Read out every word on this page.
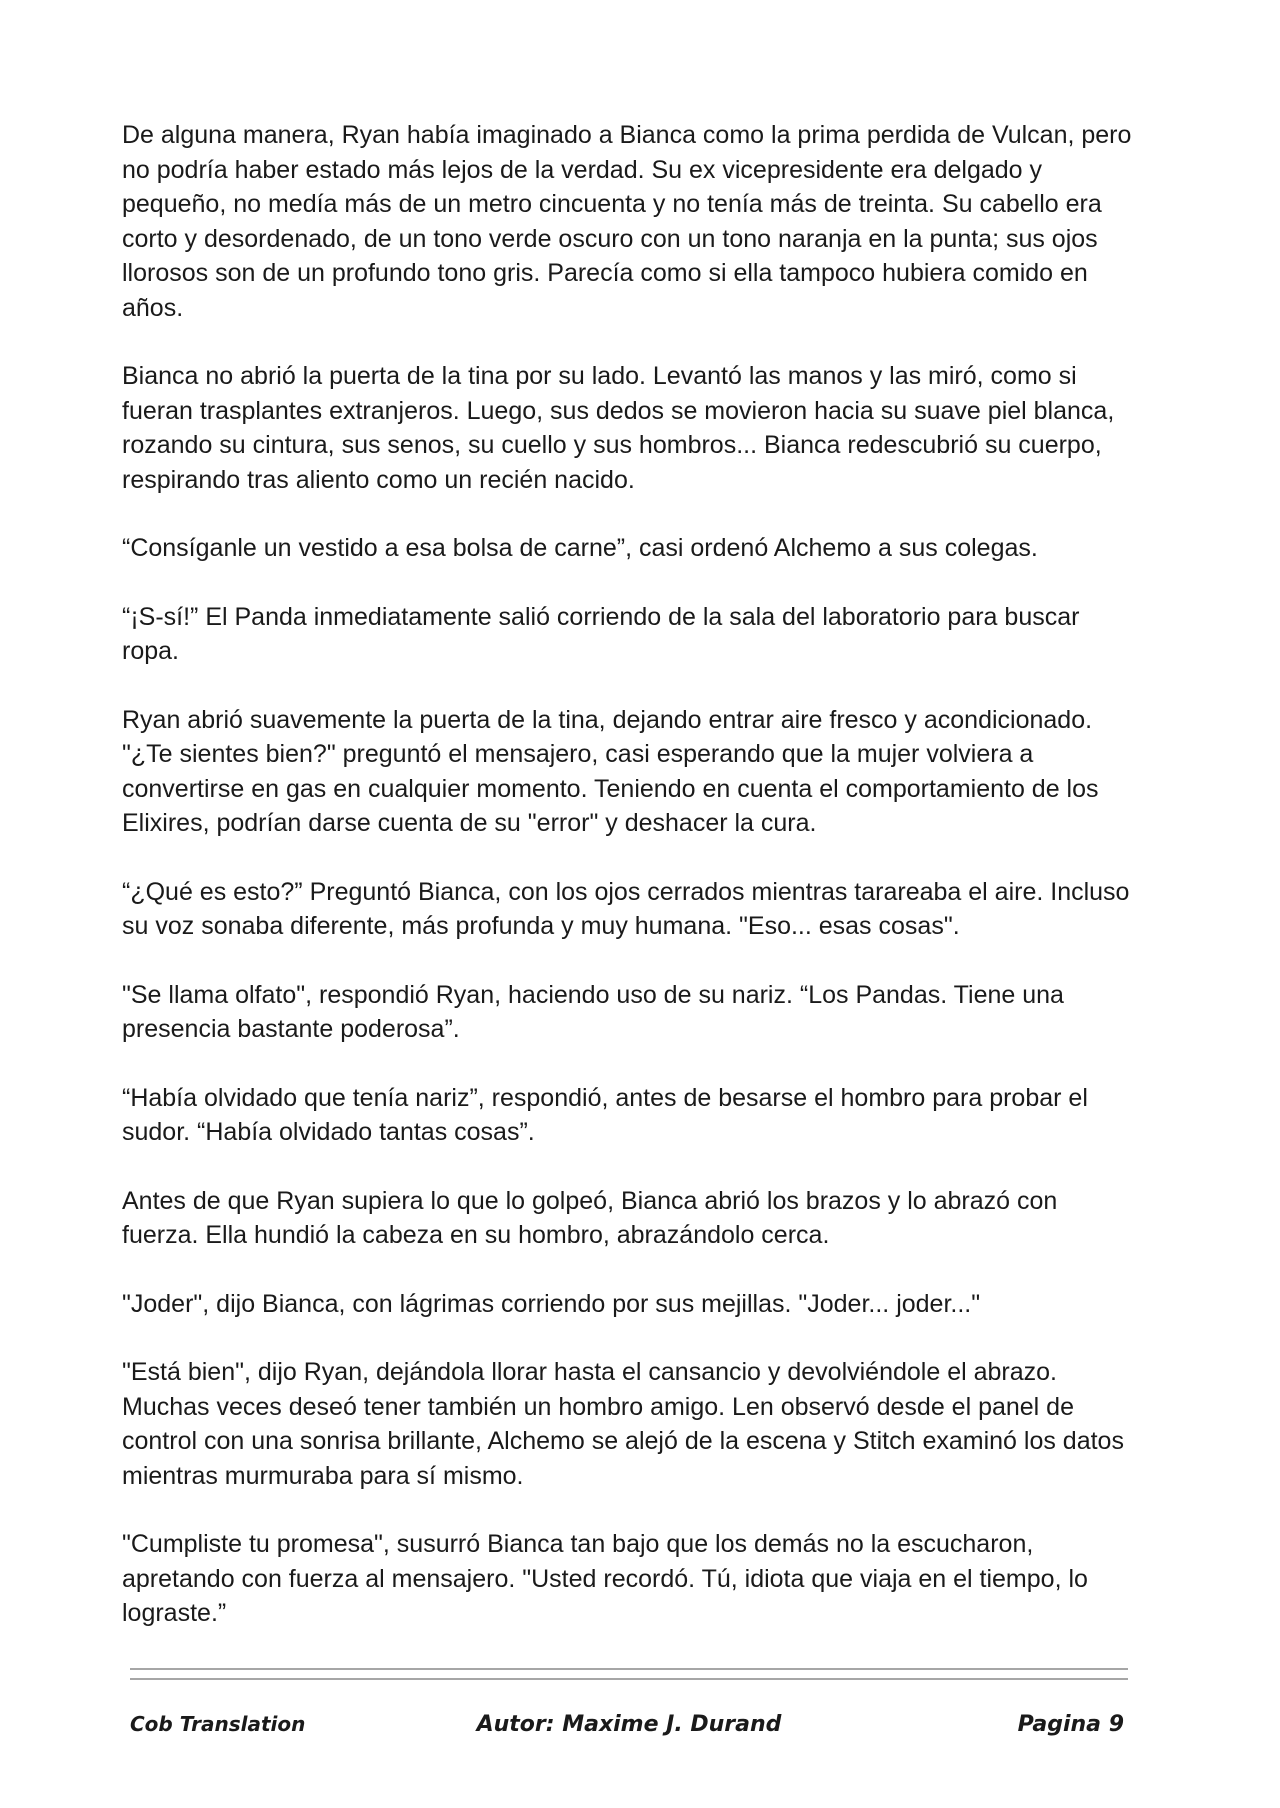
De alguna manera, Ryan había imaginado a Bianca como la prima perdida de Vulcan, pero no podría haber estado más lejos de la verdad. Su ex vicepresidente era delgado y pequeño, no medía más de un metro cincuenta y no tenía más de treinta. Su cabello era corto y desordenado, de un tono verde oscuro con un tono naranja en la punta; sus ojos llorosos son de un profundo tono gris. Parecía como si ella tampoco hubiera comido en años.

Bianca no abrió la puerta de la tina por su lado. Levantó las manos y las miró, como si fueran trasplantes extranjeros. Luego, sus dedos se movieron hacia su suave piel blanca, rozando su cintura, sus senos, su cuello y sus hombros... Bianca redescubrió su cuerpo, respirando tras aliento como un recién nacido.

“Consíganle un vestido a esa bolsa de carne”, casi ordenó Alchemo a sus colegas.

“¡S-sí!” El Panda inmediatamente salió corriendo de la sala del laboratorio para buscar ropa.

Ryan abrió suavemente la puerta de la tina, dejando entrar aire fresco y acondicionado. "¿Te sientes bien?" preguntó el mensajero, casi esperando que la mujer volviera a convertirse en gas en cualquier momento. Teniendo en cuenta el comportamiento de los Elixires, podrían darse cuenta de su "error" y deshacer la cura.

“¿Qué es esto?” Preguntó Bianca, con los ojos cerrados mientras tarareaba el aire. Incluso su voz sonaba diferente, más profunda y muy humana. "Eso... esas cosas".

"Se llama olfato", respondió Ryan, haciendo uso de su nariz. “Los Pandas. Tiene una presencia bastante poderosa”.

“Había olvidado que tenía nariz”, respondió, antes de besarse el hombro para probar el sudor. “Había olvidado tantas cosas”.

Antes de que Ryan supiera lo que lo golpeó, Bianca abrió los brazos y lo abrazó con fuerza. Ella hundió la cabeza en su hombro, abrazándolo cerca.

"Joder", dijo Bianca, con lágrimas corriendo por sus mejillas. "Joder... joder..."

"Está bien", dijo Ryan, dejándola llorar hasta el cansancio y devolviéndole el abrazo. Muchas veces deseó tener también un hombro amigo. Len observó desde el panel de control con una sonrisa brillante, Alchemo se alejó de la escena y Stitch examinó los datos mientras murmuraba para sí mismo.

"Cumpliste tu promesa", susurró Bianca tan bajo que los demás no la escucharon, apretando con fuerza al mensajero. "Usted recordó. Tú, idiota que viaja en el tiempo, lo lograste.”

Cob Translation	Autor: Maxime J. Durand	Pagina 9
